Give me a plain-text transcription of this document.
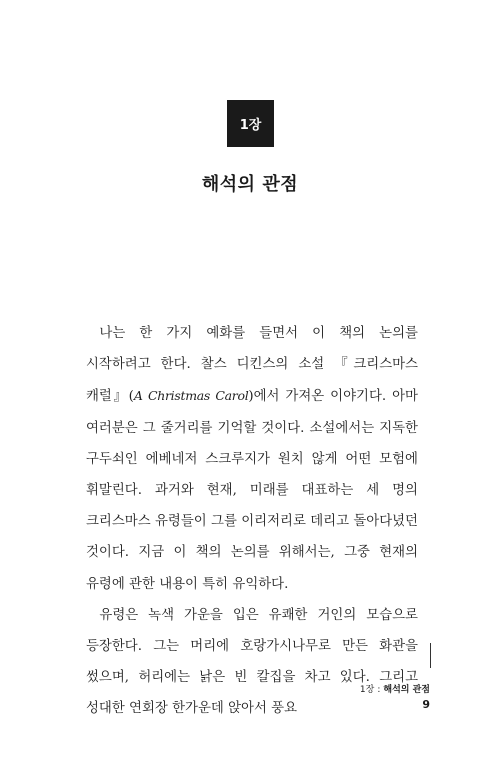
1장
해석의 관점

나는 한 가지 예화를 들면서 이 책의 논의를 시작하려고 한다. 찰스 디킨스의 소설 『크리스마스 캐럴』(A Christmas Carol)에서 가져온 이야기다. 아마 여러분은 그 줄거리를 기억할 것이다. 소설에서는 지독한 구두쇠인 에베네저 스크루지가 원치 않게 어떤 모험에 휘말린다. 과거와 현재, 미래를 대표하는 세 명의 크리스마스 유령들이 그를 이리저리로 데리고 돌아다녔던 것이다. 지금 이 책의 논의를 위해서는, 그중 현재의 유령에 관한 내용이 특히 유익하다.

유령은 녹색 가운을 입은 유쾌한 거인의 모습으로 등장한다. 그는 머리에 호랑가시나무로 만든 화관을 썼으며, 허리에는 낡은 빈 칼집을 차고 있다. 그리고 성대한 연회장 한가운데 앉아서 풍요

1장 : 해석의 관점
9
